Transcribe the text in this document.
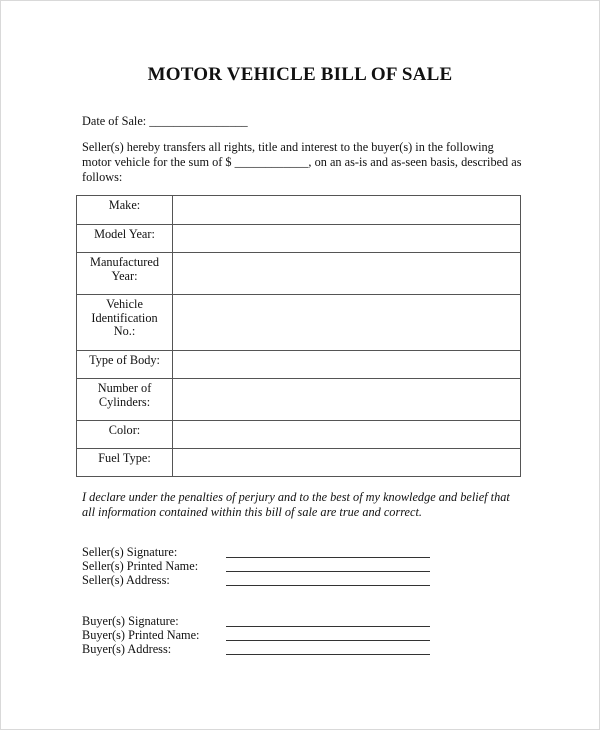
MOTOR VEHICLE BILL OF SALE
Date of Sale: ________________
Seller(s) hereby transfers all rights, title and interest to the buyer(s) in the following
motor vehicle for the sum of $ ____________, on an as-is and as-seen basis, described as
follows:
Make:	

Model Year:	

Manufactured
Year:	

Vehicle
Identification
No.:	

Type of Body:	

Number of
Cylinders:	

Color:	

Fuel Type:	

I declare under the penalties of perjury and to the best of my knowledge and belief that
all information contained within this bill of sale are true and correct.
Seller(s) Signature:
Seller(s) Printed Name:
Seller(s) Address:
Buyer(s) Signature:
Buyer(s) Printed Name:
Buyer(s) Address:
